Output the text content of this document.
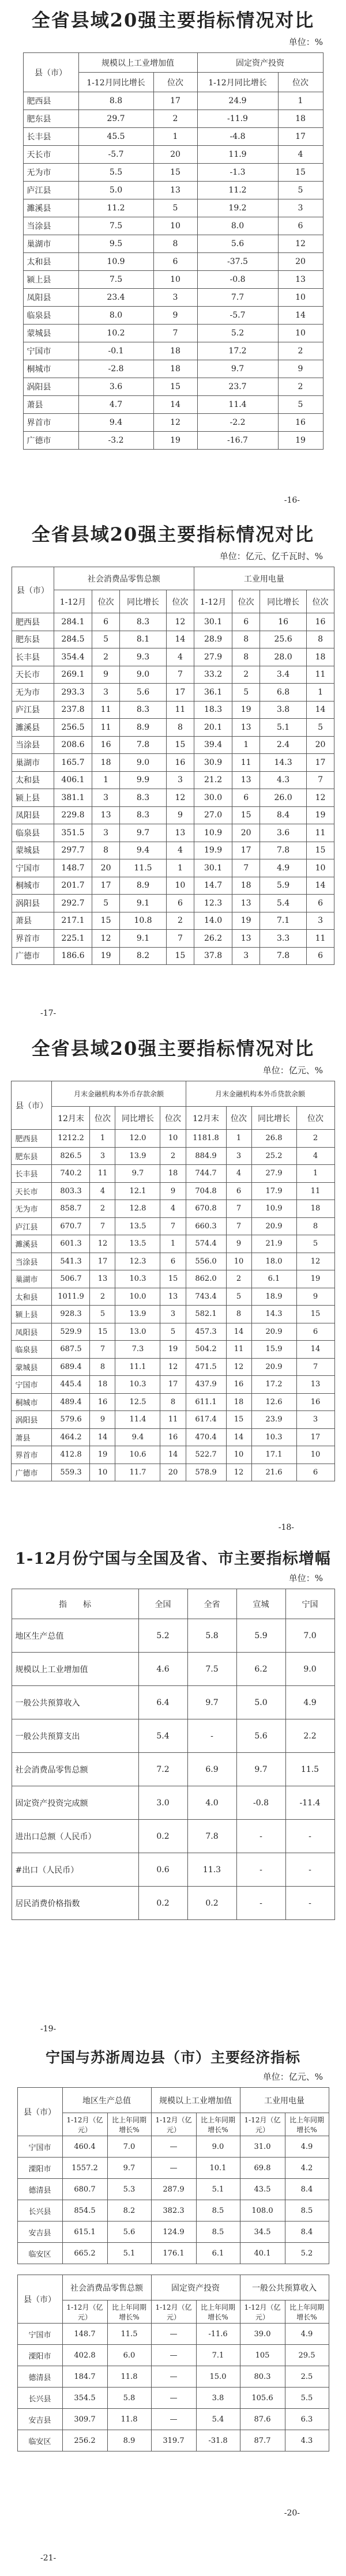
全省县域20强主要指标情况对比
单位：%
县（市）	规模以上工业增加值		固定资产投资	
	1-12月同比增长	位次	1-12月同比增长	位次
肥西县	8.8	17	24.9	1
肥东县	29.7	2	-11.9	18
长丰县	45.5	1	-4.8	17
天长市	-5.7	20	11.9	4
无为市	5.5	15	-1.3	15
庐江县	5.0	13	11.2	5
濉溪县	11.2	5	19.2	3
当涂县	7.5	10	8.0	6
巢湖市	9.5	8	5.6	12
太和县	10.9	6	-37.5	20
颍上县	7.5	10	-0.8	13
凤阳县	23.4	3	7.7	10
临泉县	8.0	9	-5.7	14
蒙城县	10.2	7	5.2	10
宁国市	-0.1	18	17.2	2
桐城市	-2.8	18	9.7	9
涡阳县	3.6	15	23.7	2
萧县	4.7	14	11.4	5
界首市	9.4	12	-2.2	16
广德市	-3.2	19	-16.7	19
-16-
全省县域20强主要指标情况对比
单位：亿元、亿千瓦时、%
县（市）	社会消费品零售总额				工业用电量			
	1-12月	位次	同比增长	位次	1-12月	位次	同比增长	位次
肥西县	284.1	6	8.3	12	30.1	6	16	16
肥东县	284.5	5	8.1	14	28.9	8	25.6	8
长丰县	354.4	2	9.3	4	27.9	8	28.0	18
天长市	269.1	9	9.0	7	33.2	2	3.4	11
无为市	293.3	3	5.6	17	36.1	5	6.8	1
庐江县	237.8	11	8.3	11	18.3	19	3.8	14
濉溪县	256.5	11	8.9	8	20.1	13	5.1	5
当涂县	208.6	16	7.8	15	39.4	1	2.4	20
巢湖市	165.7	18	9.0	16	30.9	11	14.3	17
太和县	406.1	1	9.9	3	21.2	13	4.3	7
颍上县	381.1	3	8.3	12	30.0	6	26.0	12
凤阳县	229.8	13	8.3	9	27.0	15	8.4	19
临泉县	351.5	3	9.7	13	10.9	20	3.6	11
蒙城县	297.7	8	9.4	4	19.9	17	7.8	15
宁国市	148.7	20	11.5	1	30.1	7	4.9	10
桐城市	201.7	17	8.9	10	14.7	18	5.9	14
涡阳县	292.7	5	9.1	6	12.3	13	5.4	6
萧县	217.1	15	10.8	2	14.0	19	7.1	3
界首市	225.1	12	9.1	7	26.2	13	3.3	11
广德市	186.6	19	8.2	15	37.8	3	7.8	6
-17-
全省县域20强主要指标情况对比
单位：亿元、%
县（市）	月末金融机构本外币存款余额				月末金融机构本外币贷款余额			
	12月末	位次	同比增长	位次	12月末	位次	同比增长	位次
肥西县	1212.2	1	12.0	10	1181.8	1	26.8	2
肥东县	826.5	3	13.9	2	884.9	3	25.2	4
长丰县	740.2	11	9.7	18	744.7	4	27.9	1
天长市	803.3	4	12.1	9	704.8	6	17.9	11
无为市	858.7	2	12.8	4	670.8	7	10.9	18
庐江县	670.7	7	13.5	7	660.3	7	20.9	8
濉溪县	601.3	12	13.5	1	574.4	9	21.9	5
当涂县	541.3	17	12.3	6	556.0	10	18.0	12
巢湖市	506.7	13	10.3	15	862.0	2	6.1	19
太和县	1011.9	2	10.0	13	743.4	5	18.9	9
颍上县	928.3	5	13.9	3	582.1	8	14.3	15
凤阳县	529.9	15	13.0	5	457.3	14	20.9	6
临泉县	687.5	7	7.3	19	504.2	11	15.9	14
蒙城县	689.4	8	11.1	12	471.5	12	20.9	7
宁国市	445.4	18	10.3	17	437.9	16	17.2	13
桐城市	489.4	16	12.5	8	611.1	18	12.6	16
涡阳县	579.6	9	11.4	11	617.4	15	23.9	3
萧县	464.2	14	9.4	16	470.4	14	10.3	17
界首市	412.8	19	10.6	14	522.7	10	17.1	10
广德市	559.3	10	11.7	20	578.9	12	21.6	6
-18-
1-12月份宁国与全国及省、市主要指标增幅
单位：%
指　　标	全国	全省	宣城	宁国
地区生产总值	5.2	5.8	5.9	7.0
规模以上工业增加值	4.6	7.5	6.2	9.0
一般公共预算收入	6.4	9.7	5.0	4.9
一般公共预算支出	5.4	-	5.6	2.2
社会消费品零售总额	7.2	6.9	9.7	11.5
固定资产投资完成额	3.0	4.0	-0.8	-11.4
进出口总额（人民币）	0.2	7.8	-	-
#出口（人民币）	0.6	11.3	-	-
居民消费价格指数	0.2	0.2	-	-
-19-
宁国与苏浙周边县（市）主要经济指标
单位：亿元、%
县（市）	地区生产总值		规模以上工业增加值		工业用电量	
	1-12月（亿元）	比上年同期增长%	1-12月（亿元）	比上年同期增长%	1-12月（亿元）	比上年同期增长%
宁国市	460.4	7.0	—	9.0	31.0	4.9
溧阳市	1557.2	9.7	—	10.1	69.8	4.2
德清县	680.7	5.3	287.9	5.1	43.5	8.4
长兴县	854.5	8.2	382.3	8.5	108.0	8.5
安吉县	615.1	5.6	124.9	8.5	34.5	8.4
临安区	665.2	5.1	176.1	6.1	40.1	5.2
县（市）	社会消费品零售总额		固定资产投资		一般公共预算收入	
	1-12月（亿元）	比上年同期增长%	1-12月（亿元）	比上年同期增长%	1-12月（亿元）	比上年同期增长%
宁国市	148.7	11.5	—	-11.6	39.0	4.9
溧阳市	402.8	6.0	—	7.1	105	29.5
德清县	184.7	11.8	—	15.0	80.3	2.5
长兴县	354.5	5.8	—	3.8	105.6	5.5
安吉县	309.7	11.8	—	5.4	87.6	6.3
临安区	256.2	8.9	319.7	-31.8	87.7	4.3
-21-
-20-
